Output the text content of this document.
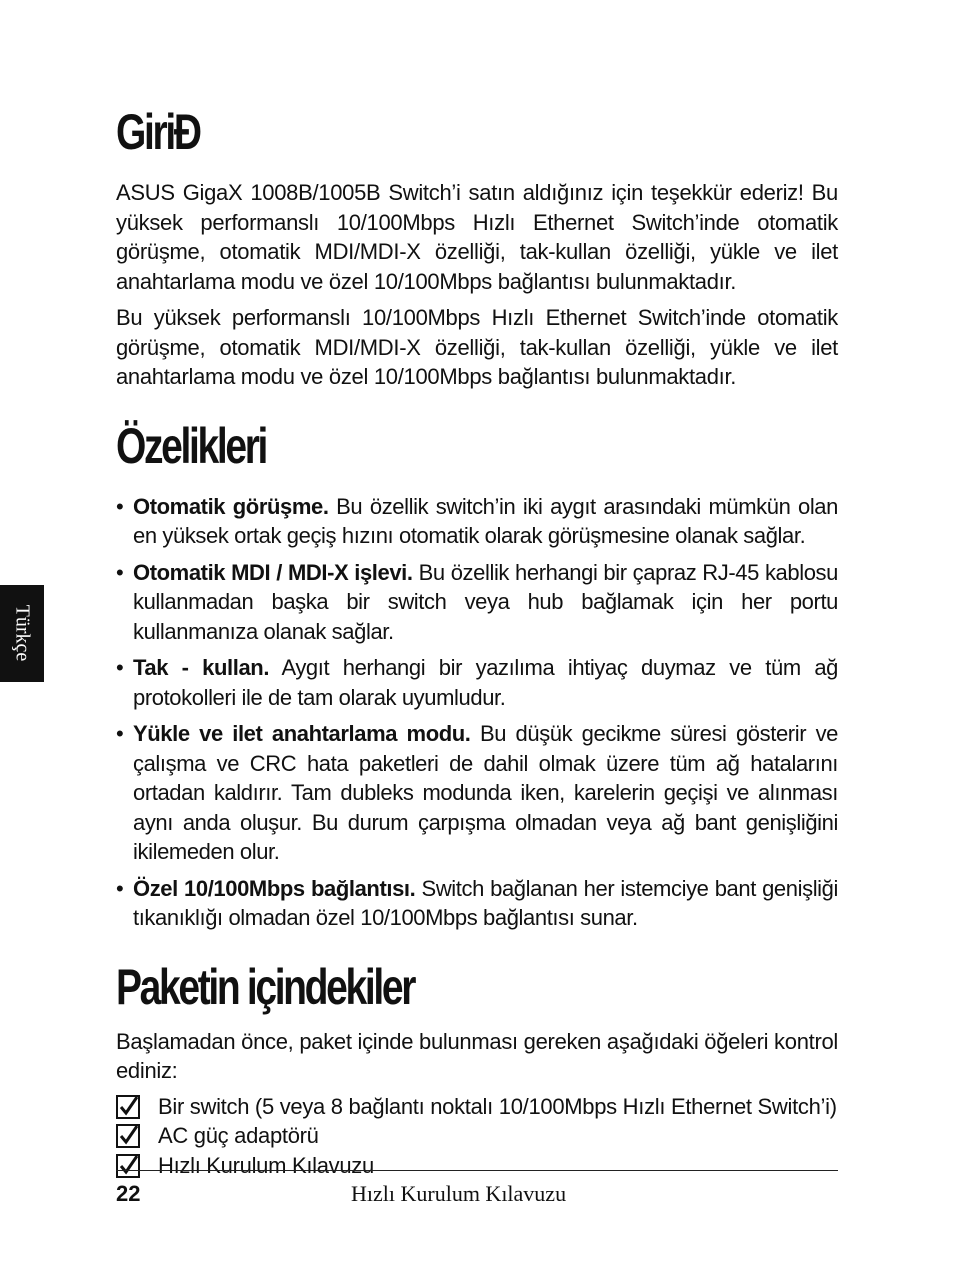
Türkçe
GiriĐ

ASUS GigaX 1008B/1005B Switch’i satın aldığınız için teşekkür ederiz! Bu yüksek performanslı 10/100Mbps Hızlı Ethernet Switch’inde otomatik görüşme, otomatik MDI/MDI-X özelliği, tak-kullan özelliği, yükle ve ilet anahtarlama modu ve özel 10/100Mbps bağlantısı bulunmaktadır.

Bu yüksek performanslı 10/100Mbps Hızlı Ethernet Switch’inde otomatik görüşme, otomatik MDI/MDI-X özelliği, tak-kullan özelliği, yükle ve ilet anahtarlama modu ve özel 10/100Mbps bağlantısı bulunmaktadır.

Özelikleri
• Otomatik görüşme. Bu özellik switch’in iki aygıt arasındaki mümkün olan en yüksek ortak geçiş hızını otomatik olarak görüşmesine olanak sağlar.
• Otomatik MDI / MDI-X işlevi. Bu özellik herhangi bir çapraz RJ-45 kablosu kullanmadan başka bir switch veya hub bağlamak için her portu kullanmanıza olanak sağlar.
• Tak - kullan. Aygıt herhangi bir yazılıma ihtiyaç duymaz ve tüm ağ protokolleri ile de tam olarak uyumludur.
• Yükle ve ilet anahtarlama modu. Bu düşük gecikme süresi gösterir ve çalışma ve CRC hata paketleri de dahil olmak üzere tüm ağ hatalarını ortadan kaldırır. Tam dubleks modunda iken, karelerin geçişi ve alınması aynı anda oluşur. Bu durum çarpışma olmadan veya ağ bant genişliğini ikilemeden olur.
• Özel 10/100Mbps bağlantısı. Switch bağlanan her istemciye bant genişliği tıkanıklığı olmadan özel 10/100Mbps bağlantısı sunar.
Paketin içindekiler

Başlamadan önce, paket içinde bulunması gereken aşağıdaki öğeleri kontrol ediniz:

Bir switch (5 veya 8 bağlantı noktalı 10/100Mbps Hızlı Ethernet Switch’i)
AC güç adaptörü
Hızlı Kurulum Kılavuzu
22	Hızlı Kurulum Kılavuzu
